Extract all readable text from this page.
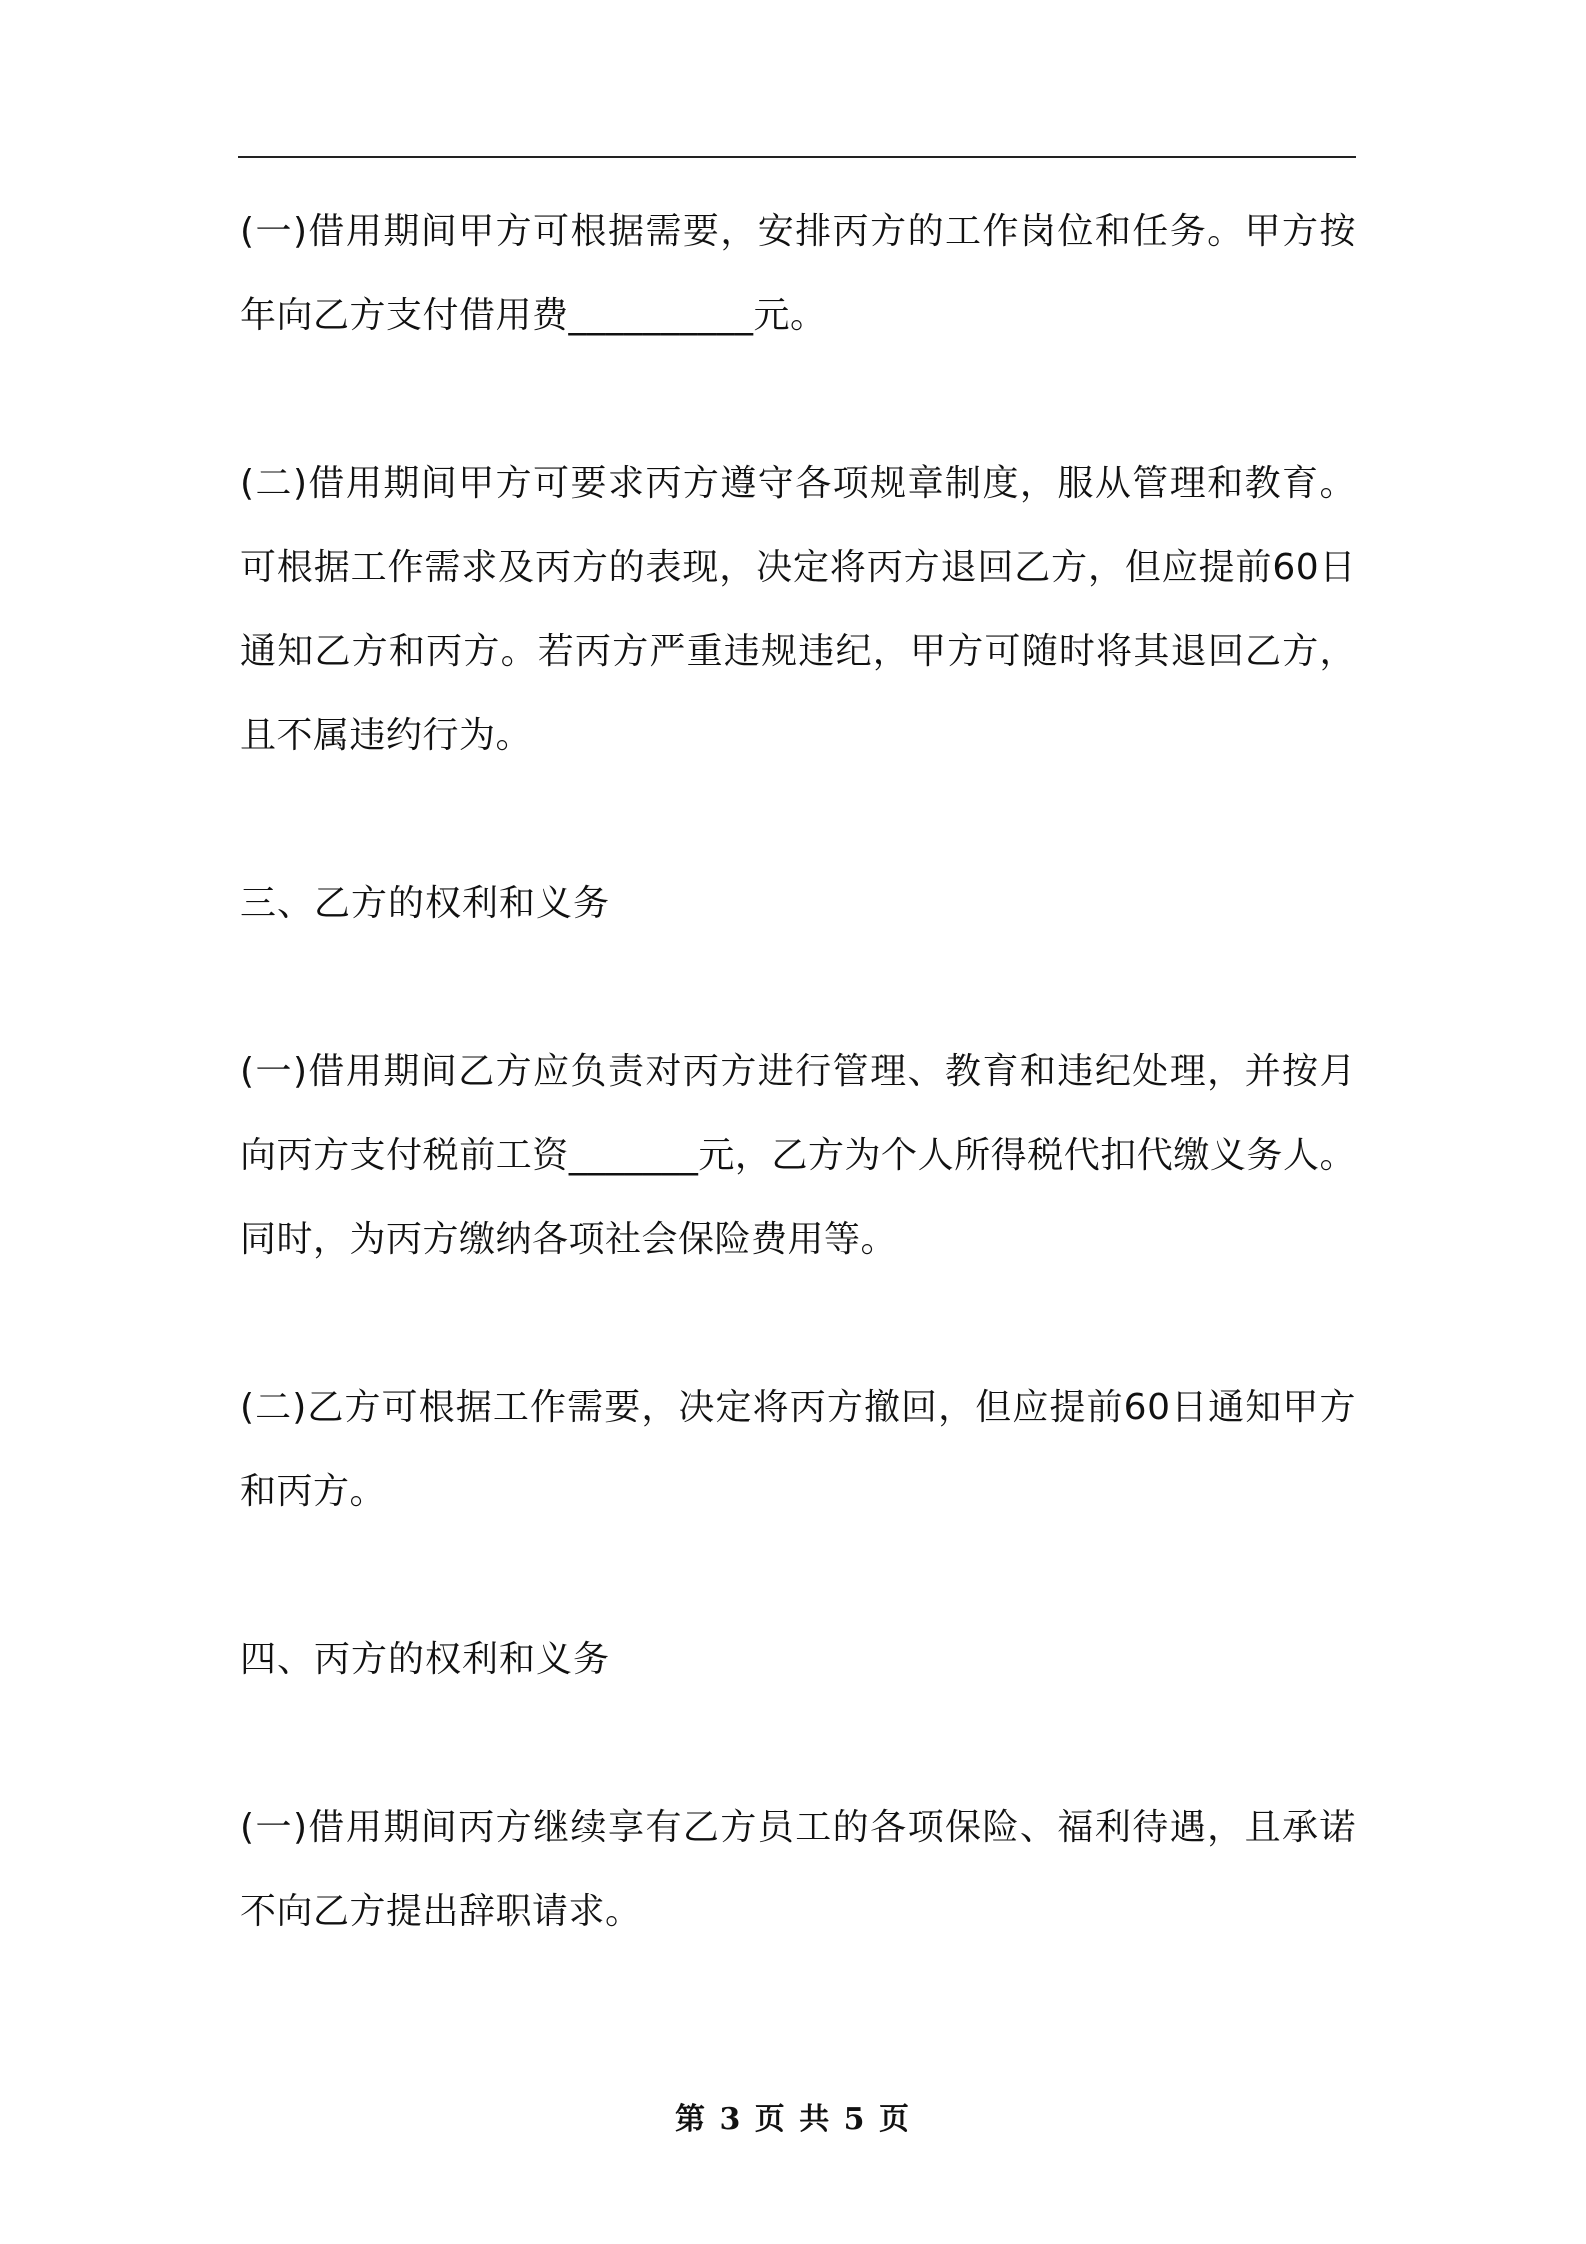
(一)借用期间甲方可根据需要，安排丙方的工作岗位和任务。甲方按年向乙方支付借用费__________元。

(二)借用期间甲方可要求丙方遵守各项规章制度，服从管理和教育。可根据工作需求及丙方的表现，决定将丙方退回乙方，但应提前60日通知乙方和丙方。若丙方严重违规违纪，甲方可随时将其退回乙方，且不属违约行为。

三、乙方的权利和义务

(一)借用期间乙方应负责对丙方进行管理、教育和违纪处理，并按月向丙方支付税前工资_______元，乙方为个人所得税代扣代缴义务人。同时，为丙方缴纳各项社会保险费用等。

(二)乙方可根据工作需要，决定将丙方撤回，但应提前60日通知甲方和丙方。

四、丙方的权利和义务

(一)借用期间丙方继续享有乙方员工的各项保险、福利待遇，且承诺不向乙方提出辞职请求。

第 3 页 共 5 页
